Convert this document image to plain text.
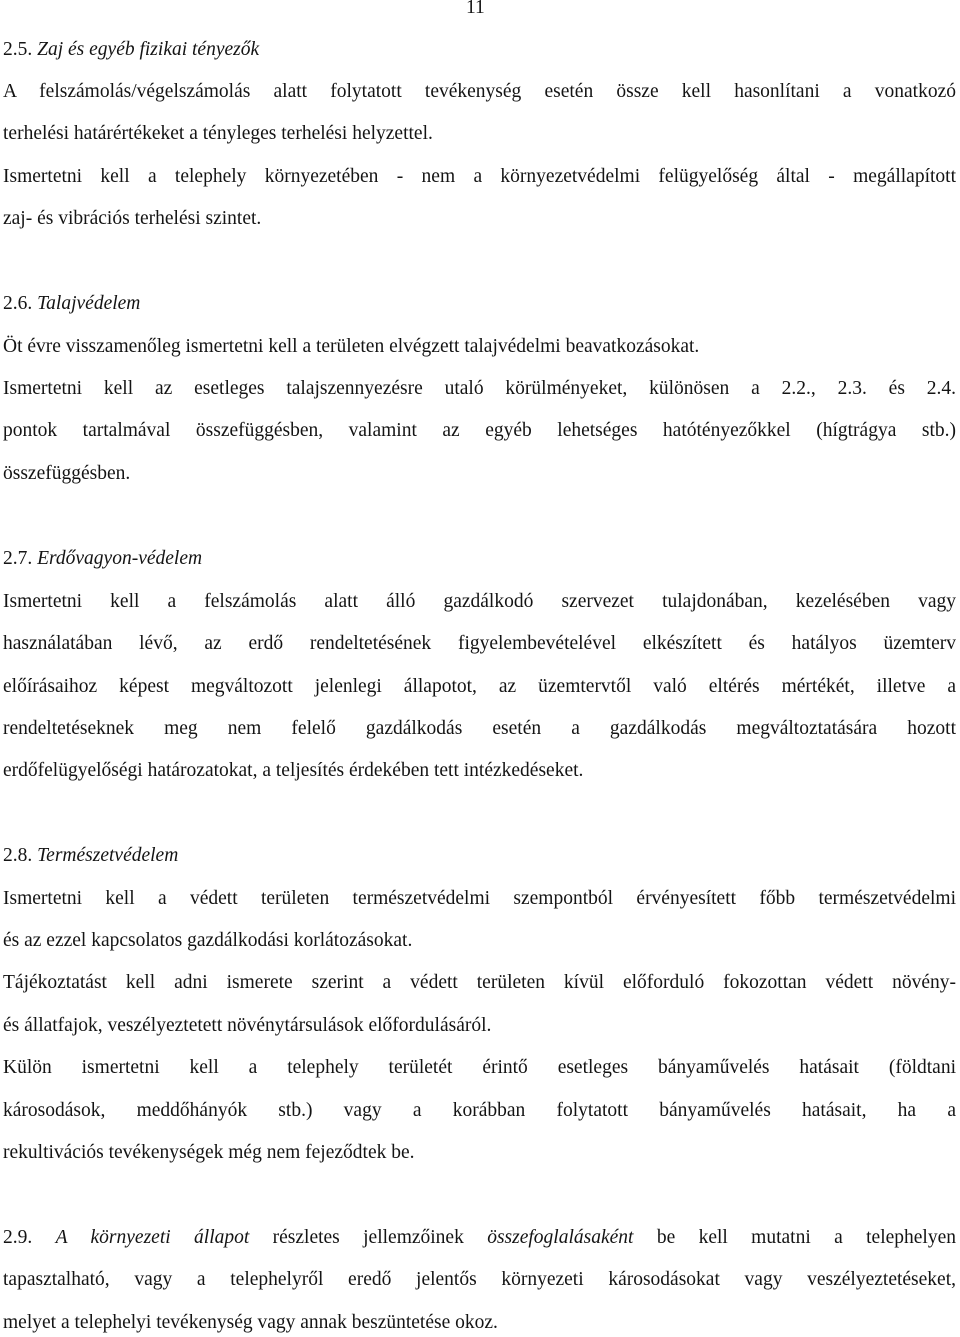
11
2.5. Zaj és egyéb fizikai tényezők
A felszámolás/végelszámolás alatt folytatott tevékenység esetén össze kell hasonlítani a vonatkozó
terhelési határértékeket a tényleges terhelési helyzettel.
Ismertetni kell a telephely környezetében - nem a környezetvédelmi felügyelőség által - megállapított
zaj- és vibrációs terhelési szintet.
2.6. Talajvédelem
Öt évre visszamenőleg ismertetni kell a területen elvégzett talajvédelmi beavatkozásokat.
Ismertetni kell az esetleges talajszennyezésre utaló körülményeket, különösen a 2.2., 2.3. és 2.4.
pontok tartalmával összefüggésben, valamint az egyéb lehetséges hatótényezőkkel (hígtrágya stb.)
összefüggésben.
2.7. Erdővagyon-védelem
Ismertetni kell a felszámolás alatt álló gazdálkodó szervezet tulajdonában, kezelésében vagy
használatában lévő, az erdő rendeltetésének figyelembevételével elkészített és hatályos üzemterv
előírásaihoz képest megváltozott jelenlegi állapotot, az üzemtervtől való eltérés mértékét, illetve a
rendeltetéseknek meg nem felelő gazdálkodás esetén a gazdálkodás megváltoztatására hozott
erdőfelügyelőségi határozatokat, a teljesítés érdekében tett intézkedéseket.
2.8. Természetvédelem
Ismertetni kell a védett területen természetvédelmi szempontból érvényesített főbb természetvédelmi
és az ezzel kapcsolatos gazdálkodási korlátozásokat.
Tájékoztatást kell adni ismerete szerint a védett területen kívül előforduló fokozottan védett növény-
és állatfajok, veszélyeztetett növénytársulások előfordulásáról.
Külön ismertetni kell a telephely területét érintő esetleges bányaművelés hatásait (földtani
károsodások, meddőhányók stb.) vagy a korábban folytatott bányaművelés hatásait, ha a
rekultivációs tevékenységek még nem fejeződtek be.
2.9. A környezeti állapot részletes jellemzőinek összefoglalásaként be kell mutatni a telephelyen
tapasztalható, vagy a telephelyről eredő jelentős környezeti károsodásokat vagy veszélyeztetéseket,
melyet a telephelyi tevékenység vagy annak beszüntetése okoz.
